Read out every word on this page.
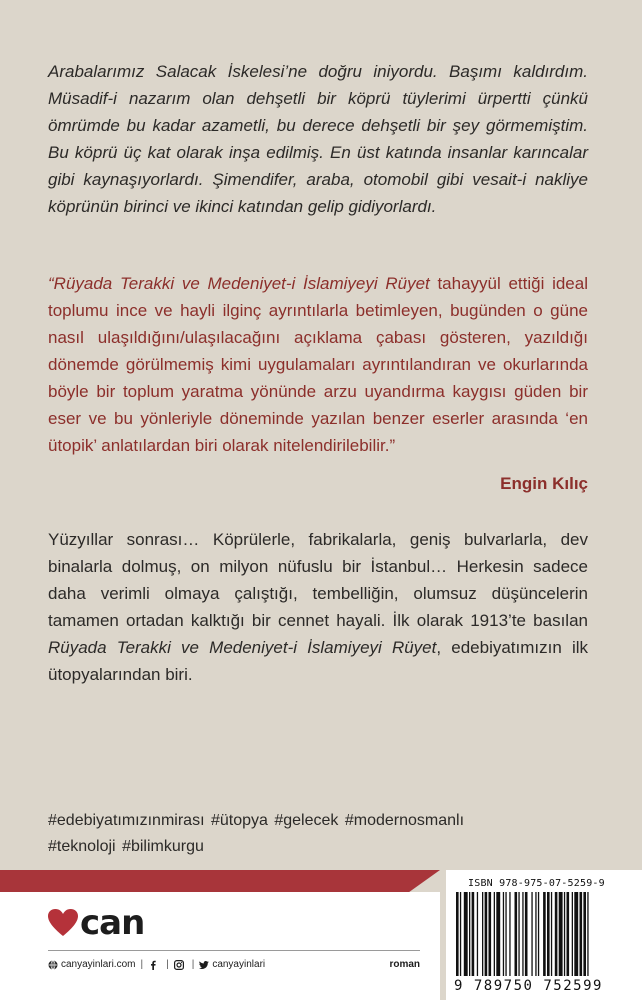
Arabalarımız Salacak İskelesi’ne doğru iniyordu. Başımı kaldırdım. Müsadif-i nazarım olan dehşetli bir köprü tüylerimi ürpertti çünkü ömrümde bu kadar azametli, bu derece dehşetli bir şey görmemiştim. Bu köprü üç kat olarak inşa edilmiş. En üst katında insanlar karıncalar gibi kaynaşıyorlardı. Şimendifer, araba, otomobil gibi vesait-i nakliye köprünün birinci ve ikinci katından gelip gidiyorlardı.

“Rüyada Terakki ve Medeniyet-i İslamiyeyi Rüyet tahayyül ettiği ideal toplumu ince ve hayli ilginç ayrıntılarla betimleyen, bugünden o güne nasıl ulaşıldığını/ulaşılacağını açıklama çabası gösteren, yazıldığı dönemde görülmemiş kimi uygulamaları ayrıntılandıran ve okurlarında böyle bir toplum yaratma yönünde arzu uyandırma kaygısı güden bir eser ve bu yönleriyle döneminde yazılan benzer eserler arasında ‘en ütopik’ anlatılardan biri olarak nitelendirilebilir.”

Engin Kılıç

Yüzyıllar sonrası… Köprülerle, fabrikalarla, geniş bulvarlarla, dev binalarla dolmuş, on milyon nüfuslu bir İstanbul… Herkesin sadece daha verimli olmaya çalıştığı, tembelliğin, olumsuz düşüncelerin tamamen ortadan kalktığı bir cennet hayali. İlk olarak 1913’te basılan Rüyada Terakki ve Medeniyet-i İslamiyeyi Rüyet, edebiyatımızın ilk ütopyalarından biri.

#edebiyatımızınmirası #ütopya #gelecek #modernosmanlı
#teknoloji #bilimkurgu
can
canyayinlari.com | | | canyayinlari	roman
ISBN 978-975-07-5259-9
9 789750 752599
